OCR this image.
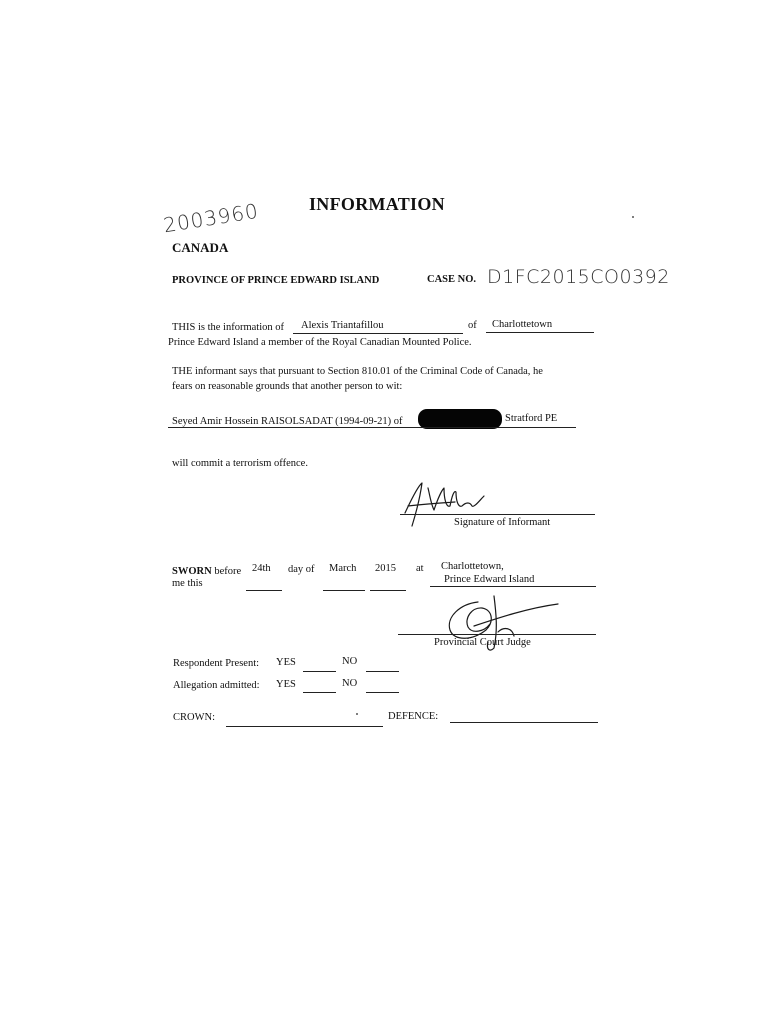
2003960	INFORMATION
CANADA
PROVINCE OF PRINCE EDWARD ISLAND	CASE NO. D1FC2015CO0392
THIS is the information of Alexis Triantafillou	of Charlottetown
Prince Edward Island a member of the Royal Canadian Mounted Police.
THE informant says that pursuant to Section 810.01 of the Criminal Code of Canada, he
fears on reasonable grounds that another person to wit:
Seyed Amir Hossein RAISOLSADAT (1994-09-21) of	Stratford PE
will commit a terrorism offence.
Signature of Informant
SWORN before
me this
24th day of March 2015 at Charlottetown,
Prince Edward Island
Provincial Court Judge
Respondent Present: YES	NO
Allegation admitted: YES	NO
CROWN:	DEFENCE:
